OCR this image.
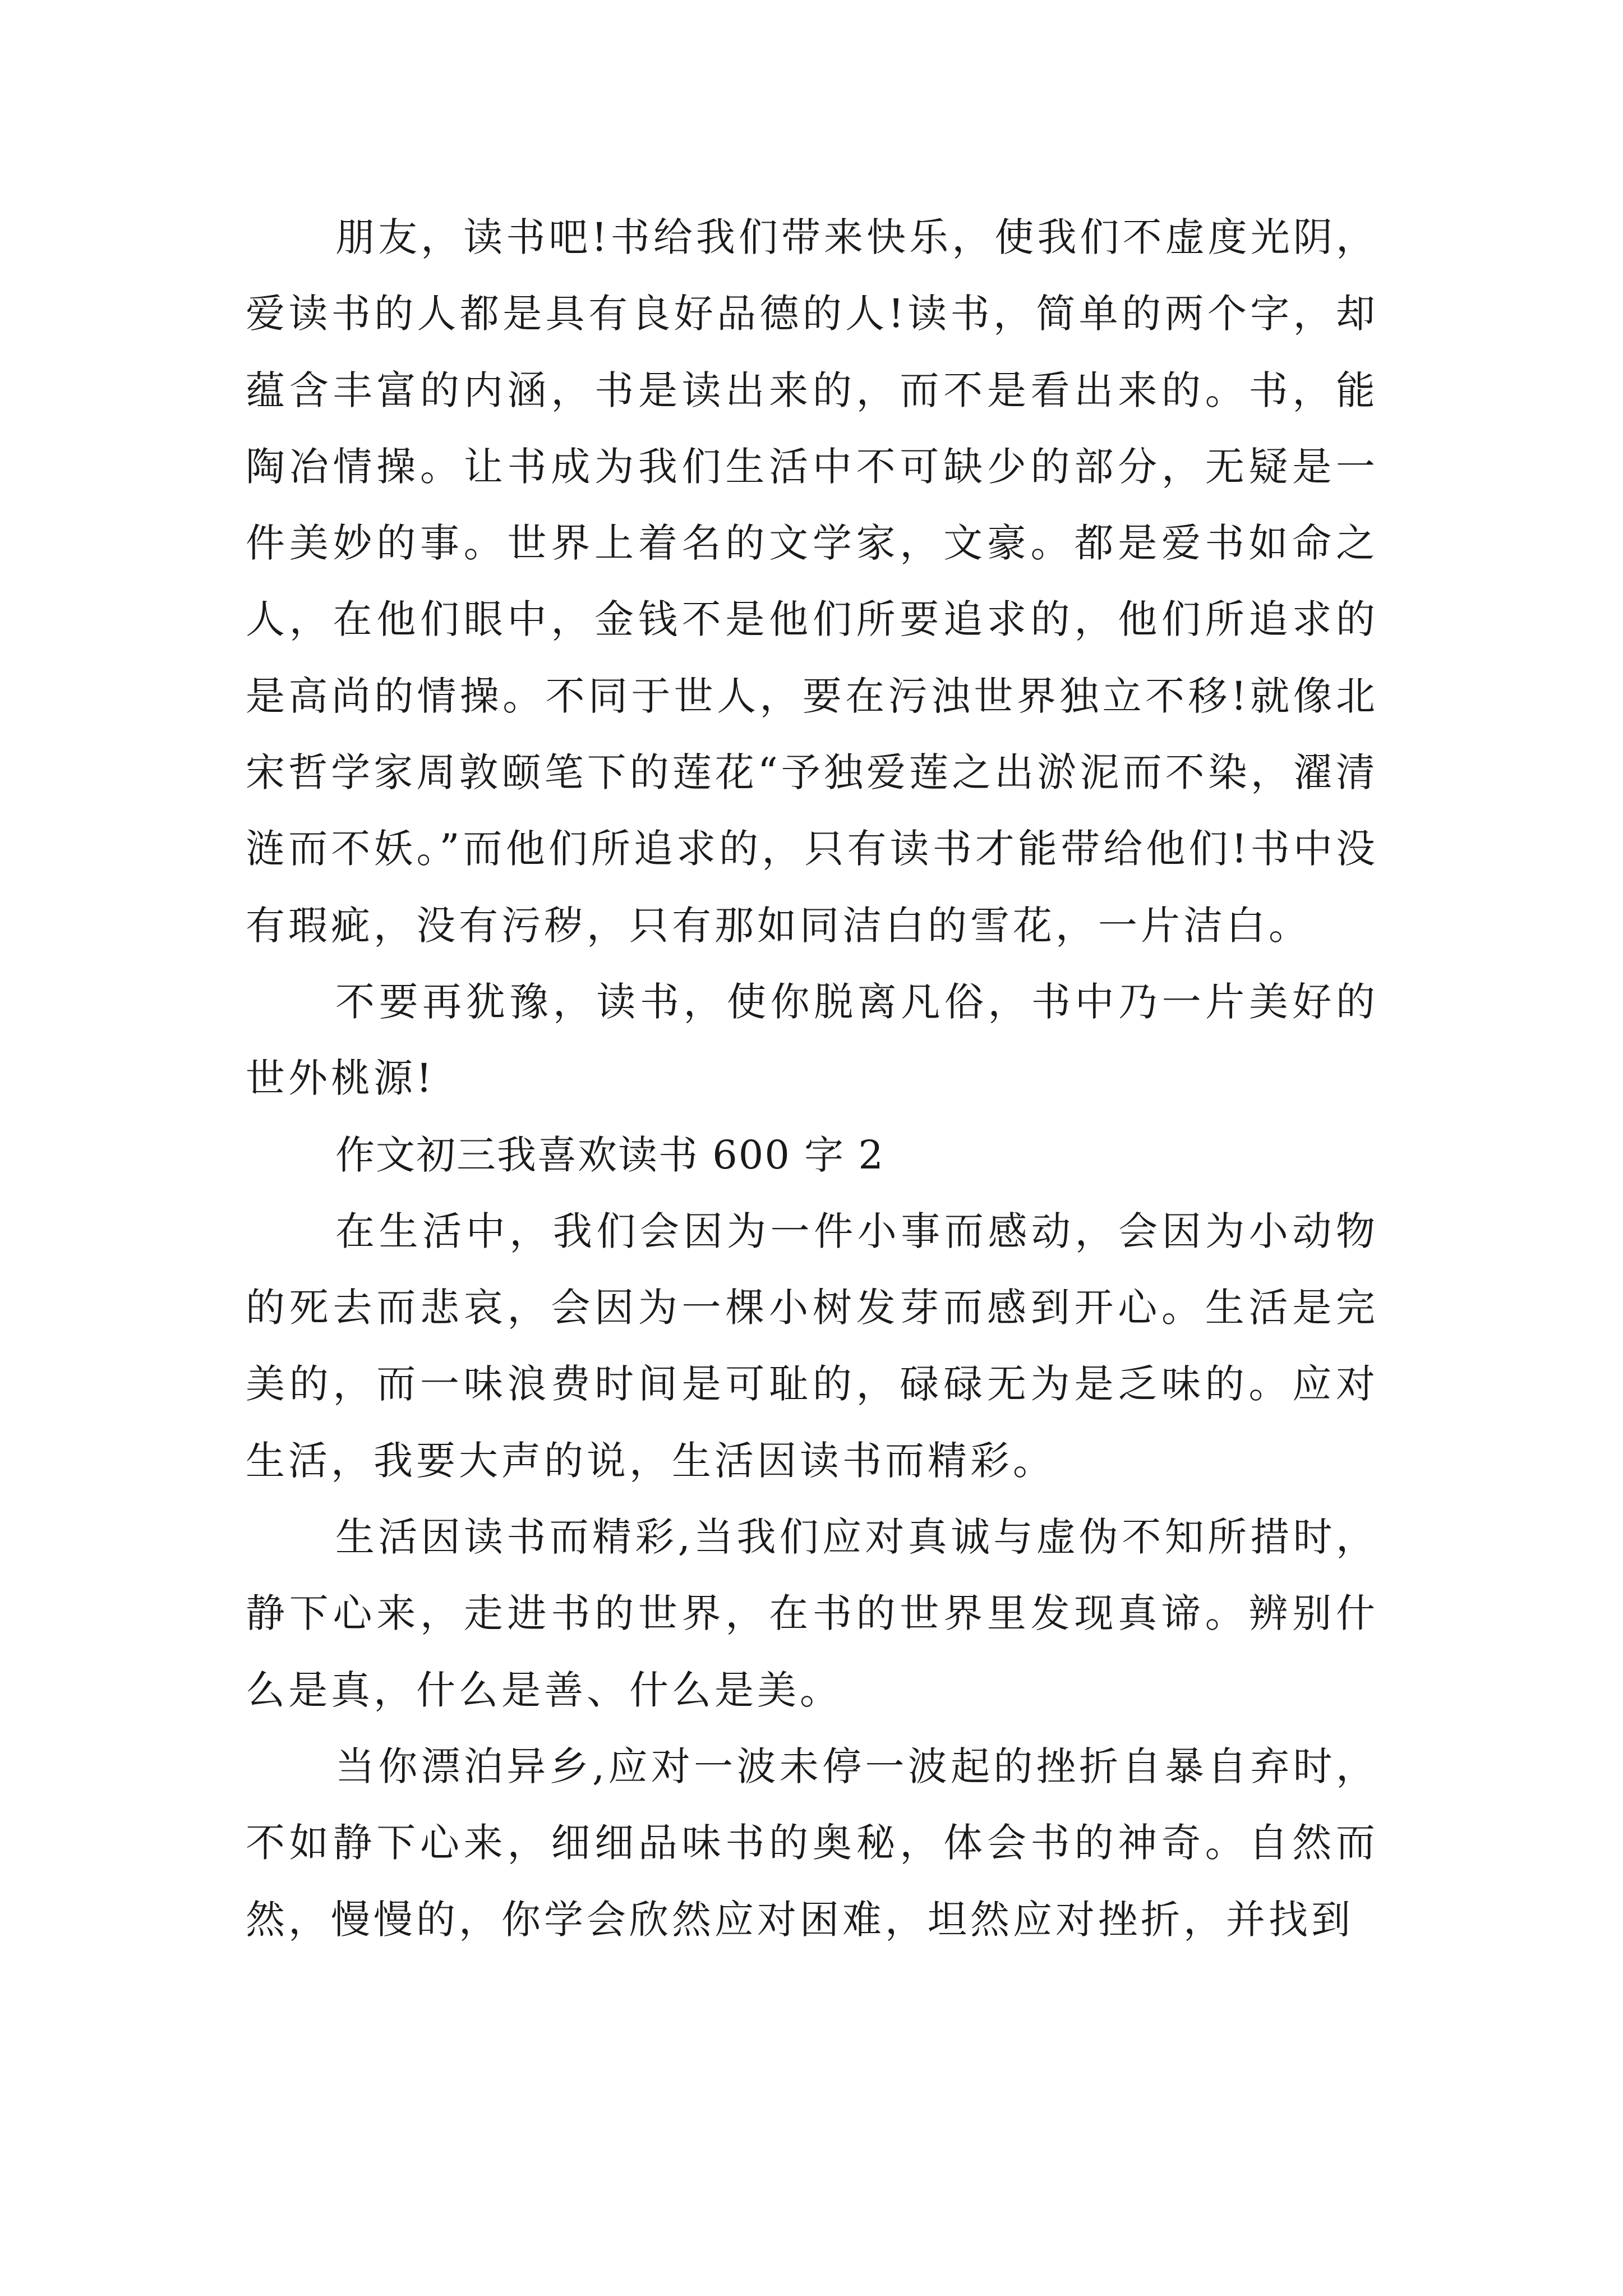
朋友，读书吧!书给我们带来快乐，使我们不虚度光阴，爱读书的人都是具有良好品德的人!读书，简单的两个字，却蕴含丰富的内涵，书是读出来的，而不是看出来的。书，能陶冶情操。让书成为我们生活中不可缺少的部分，无疑是一件美妙的事。世界上着名的文学家，文豪。都是爱书如命之人，在他们眼中，金钱不是他们所要追求的，他们所追求的是高尚的情操。不同于世人，要在污浊世界独立不移!就像北宋哲学家周敦颐笔下的莲花“予独爱莲之出淤泥而不染，濯清涟而不妖。”而他们所追求的，只有读书才能带给他们!书中没有瑕疵，没有污秽，只有那如同洁白的雪花，一片洁白。

不要再犹豫，读书，使你脱离凡俗，书中乃一片美好的世外桃源!

作文初三我喜欢读书 600 字 2

在生活中，我们会因为一件小事而感动，会因为小动物的死去而悲哀，会因为一棵小树发芽而感到开心。生活是完美的，而一味浪费时间是可耻的，碌碌无为是乏味的。应对生活，我要大声的说，生活因读书而精彩。

生活因读书而精彩,当我们应对真诚与虚伪不知所措时，静下心来，走进书的世界，在书的世界里发现真谛。辨别什么是真，什么是善、什么是美。

当你漂泊异乡,应对一波未停一波起的挫折自暴自弃时，不如静下心来，细细品味书的奥秘，体会书的神奇。自然而然，慢慢的，你学会欣然应对困难，坦然应对挫折，并找到
